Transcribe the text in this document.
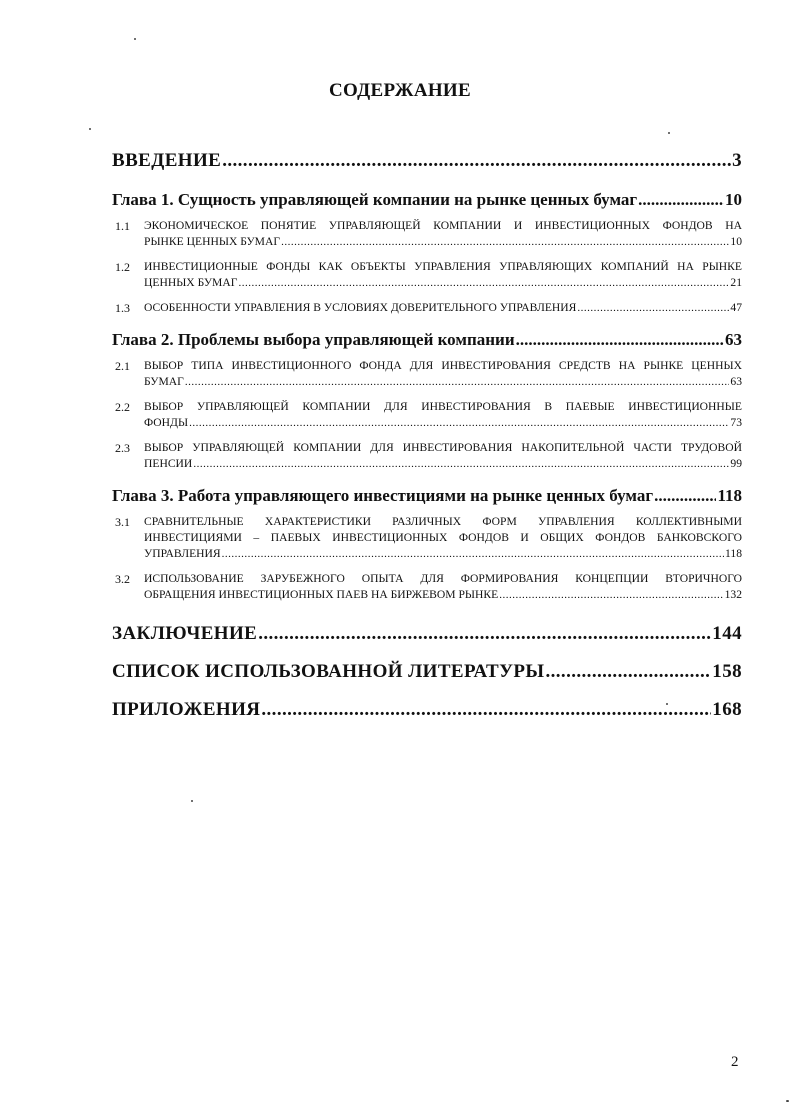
СОДЕРЖАНИЕ
ВВЕДЕНИЕ .....	3
Глава 1. Сущность управляющей компании на рынке ценных бумаг .....	10
1.1 ЭКОНОМИЧЕСКОЕ ПОНЯТИЕ УПРАВЛЯЮЩЕЙ КОМПАНИИ И ИНВЕСТИЦИОННЫХ ФОНДОВ НА
РЫНКЕ ЦЕННЫХ БУМАГ .....	10
1.2 ИНВЕСТИЦИОННЫЕ ФОНДЫ КАК ОБЪЕКТЫ УПРАВЛЕНИЯ УПРАВЛЯЮЩИХ КОМПАНИЙ НА РЫНКЕ
ЦЕННЫХ БУМАГ .....	21
1.3 ОСОБЕННОСТИ УПРАВЛЕНИЯ В УСЛОВИЯХ ДОВЕРИТЕЛЬНОГО УПРАВЛЕНИЯ .....	47
Глава 2. Проблемы выбора управляющей компании .....	63
2.1 ВЫБОР ТИПА ИНВЕСТИЦИОННОГО ФОНДА ДЛЯ ИНВЕСТИРОВАНИЯ СРЕДСТВ НА РЫНКЕ ЦЕННЫХ
БУМАГ .....	63
2.2 ВЫБОР УПРАВЛЯЮЩЕЙ КОМПАНИИ ДЛЯ ИНВЕСТИРОВАНИЯ В ПАЕВЫЕ ИНВЕСТИЦИОННЫЕ
ФОНДЫ .....	73
2.3 ВЫБОР УПРАВЛЯЮЩЕЙ КОМПАНИИ ДЛЯ ИНВЕСТИРОВАНИЯ НАКОПИТЕЛЬНОЙ ЧАСТИ ТРУДОВОЙ
ПЕНСИИ .....	99
Глава 3. Работа управляющего инвестициями на рынке ценных бумаг .....	118
3.1 СРАВНИТЕЛЬНЫЕ ХАРАКТЕРИСТИКИ РАЗЛИЧНЫХ ФОРМ УПРАВЛЕНИЯ КОЛЛЕКТИВНЫМИ ИНВЕСТИЦИЯМИ – ПАЕВЫХ ИНВЕСТИЦИОННЫХ ФОНДОВ И ОБЩИХ ФОНДОВ БАНКОВСКОГО
УПРАВЛЕНИЯ .....	118
3.2 ИСПОЛЬЗОВАНИЕ ЗАРУБЕЖНОГО ОПЫТА ДЛЯ ФОРМИРОВАНИЯ КОНЦЕПЦИИ ВТОРИЧНОГО
ОБРАЩЕНИЯ ИНВЕСТИЦИОННЫХ ПАЕВ НА БИРЖЕВОМ РЫНКЕ .....	132
ЗАКЛЮЧЕНИЕ .....	144
СПИСОК ИСПОЛЬЗОВАННОЙ ЛИТЕРАТУРЫ .....	158
ПРИЛОЖЕНИЯ .....	168
2
